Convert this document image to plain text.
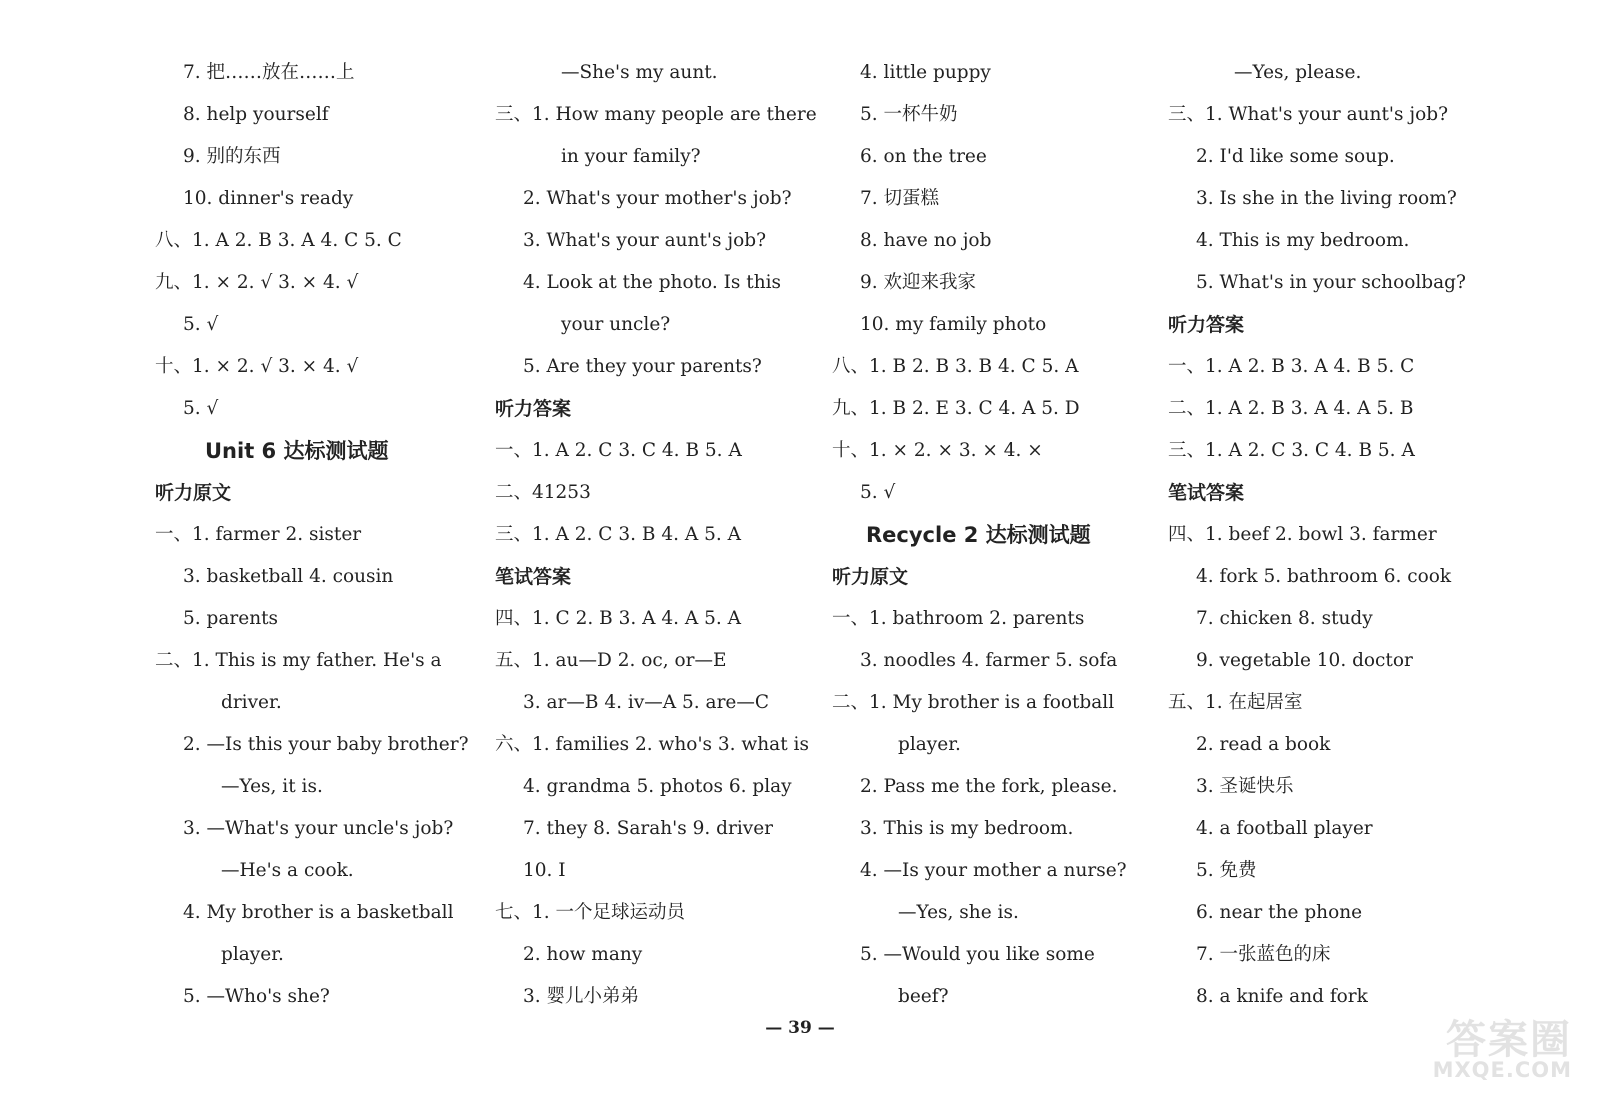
7. 把……放在……上
8. help yourself
9. 别的东西
10. dinner's ready
八、1. A 2. B 3. A 4. C 5. C
九、1. × 2. √ 3. × 4. √
5. √
十、1. × 2. √ 3. × 4. √
5. √
Unit 6 达标测试题
听力原文
一、1. farmer 2. sister
3. basketball 4. cousin
5. parents
二、1. This is my father. He's a
driver.
2. —Is this your baby brother?
—Yes, it is.
3. —What's your uncle's job?
—He's a cook.
4. My brother is a basketball
player.
5. —Who's she?
—She's my aunt.
三、1. How many people are there
in your family?
2. What's your mother's job?
3. What's your aunt's job?
4. Look at the photo. Is this
your uncle?
5. Are they your parents?
听力答案
一、1. A 2. C 3. C 4. B 5. A
二、41253
三、1. A 2. C 3. B 4. A 5. A
笔试答案
四、1. C 2. B 3. A 4. A 5. A
五、1. au—D 2. oc, or—E
3. ar—B 4. iv—A 5. are—C
六、1. families 2. who's 3. what is
4. grandma 5. photos 6. play
7. they 8. Sarah's 9. driver
10. I
七、1. 一个足球运动员
2. how many
3. 婴儿小弟弟
4. little puppy
5. 一杯牛奶
6. on the tree
7. 切蛋糕
8. have no job
9. 欢迎来我家
10. my family photo
八、1. B 2. B 3. B 4. C 5. A
九、1. B 2. E 3. C 4. A 5. D
十、1. × 2. × 3. × 4. ×
5. √
Recycle 2 达标测试题
听力原文
一、1. bathroom 2. parents
3. noodles 4. farmer 5. sofa
二、1. My brother is a football
player.
2. Pass me the fork, please.
3. This is my bedroom.
4. —Is your mother a nurse?
—Yes, she is.
5. —Would you like some
beef?
—Yes, please.
三、1. What's your aunt's job?
2. I'd like some soup.
3. Is she in the living room?
4. This is my bedroom.
5. What's in your schoolbag?
听力答案
一、1. A 2. B 3. A 4. B 5. C
二、1. A 2. B 3. A 4. A 5. B
三、1. A 2. C 3. C 4. B 5. A
笔试答案
四、1. beef 2. bowl 3. farmer
4. fork 5. bathroom 6. cook
7. chicken 8. study
9. vegetable 10. doctor
五、1. 在起居室
2. read a book
3. 圣诞快乐
4. a football player
5. 免费
6. near the phone
7. 一张蓝色的床
8. a knife and fork
— 39 —	答案圈
MXQE.COM
